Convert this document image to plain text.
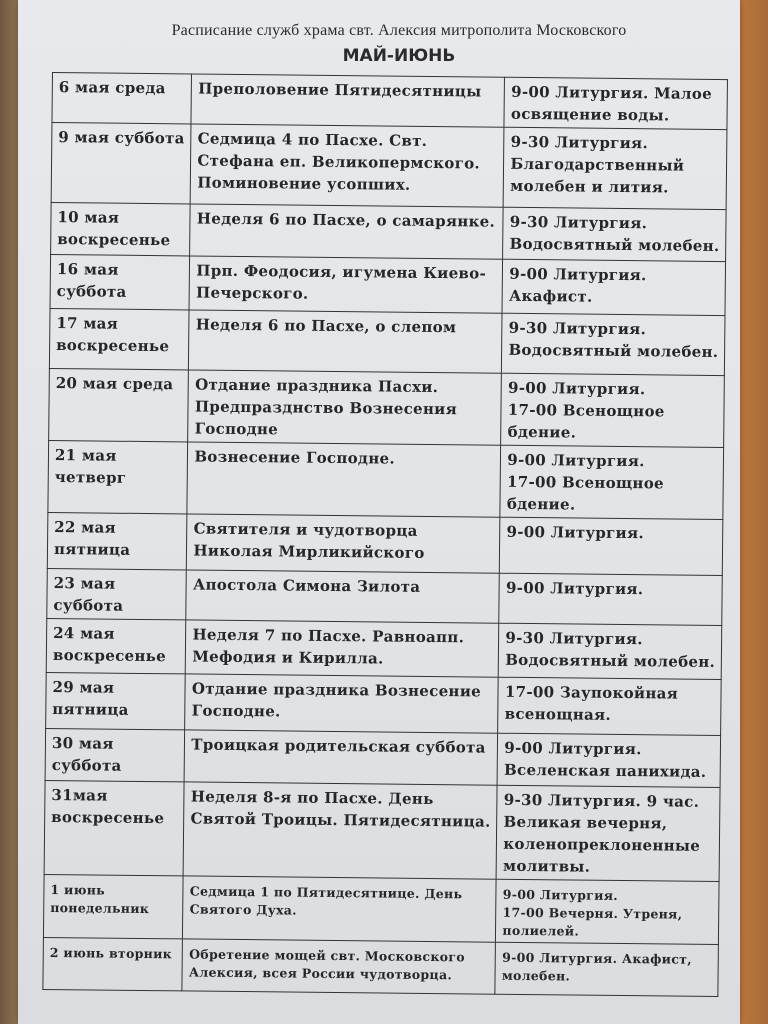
Расписание служб храма свт. Алексия митрополита Московского
МАЙ-ИЮНЬ
6 мая среда	Преполовение Пятидесятницы	9-00 Литургия. Малое
освящение воды.

9 мая суббота	Седмица 4 по Пасхе. Свт.
Стефана еп. Великопермского.
Поминовение усопших.	9-30 Литургия.
Благодарственный
молебен и лития.

10 мая
воскресенье	Неделя 6 по Пасхе, о самарянке.	9-30 Литургия.
Водосвятный молебен.

16 мая
суббота	Прп. Феодосия, игумена Киево-
Печерского.	9-00 Литургия.
Акафист.

17 мая
воскресенье	Неделя 6 по Пасхе, о слепом	9-30 Литургия.
Водосвятный молебен.

20 мая среда	Отдание праздника Пасхи.
Предпразднство Вознесения
Господне	9-00 Литургия.
17-00 Всенощное
бдение.

21 мая
четверг	Вознесение Господне.	9-00 Литургия.
17-00 Всенощное
бдение.

22 мая
пятница	Святителя и чудотворца
Николая Мирликийского	9-00 Литургия.

23 мая
суббота	Апостола Симона Зилота	9-00 Литургия.

24 мая
воскресенье	Неделя 7 по Пасхе. Равноапп.
Мефодия и Кирилла.	9-30 Литургия.
Водосвятный молебен.

29 мая
пятница	Отдание праздника Вознесение
Господне.	17-00 Заупокойная
всенощная.

30 мая
суббота	Троицкая родительская суббота	9-00 Литургия.
Вселенская панихида.

31мая
воскресенье	Неделя 8-я по Пасхе. День
Святой Троицы. Пятидесятница.	9-30 Литургия. 9 час.
Великая вечерня,
коленопреклоненные
молитвы.

1 июнь
понедельник	Седмица 1 по Пятидесятнице. День
Святого Духа.	9-00 Литургия.
17-00 Вечерня. Утреня,
полиелей.

2 июнь вторник	Обретение мощей свт. Московского
Алексия, всея России чудотворца.	9-00 Литургия. Акафист,
молебен.
